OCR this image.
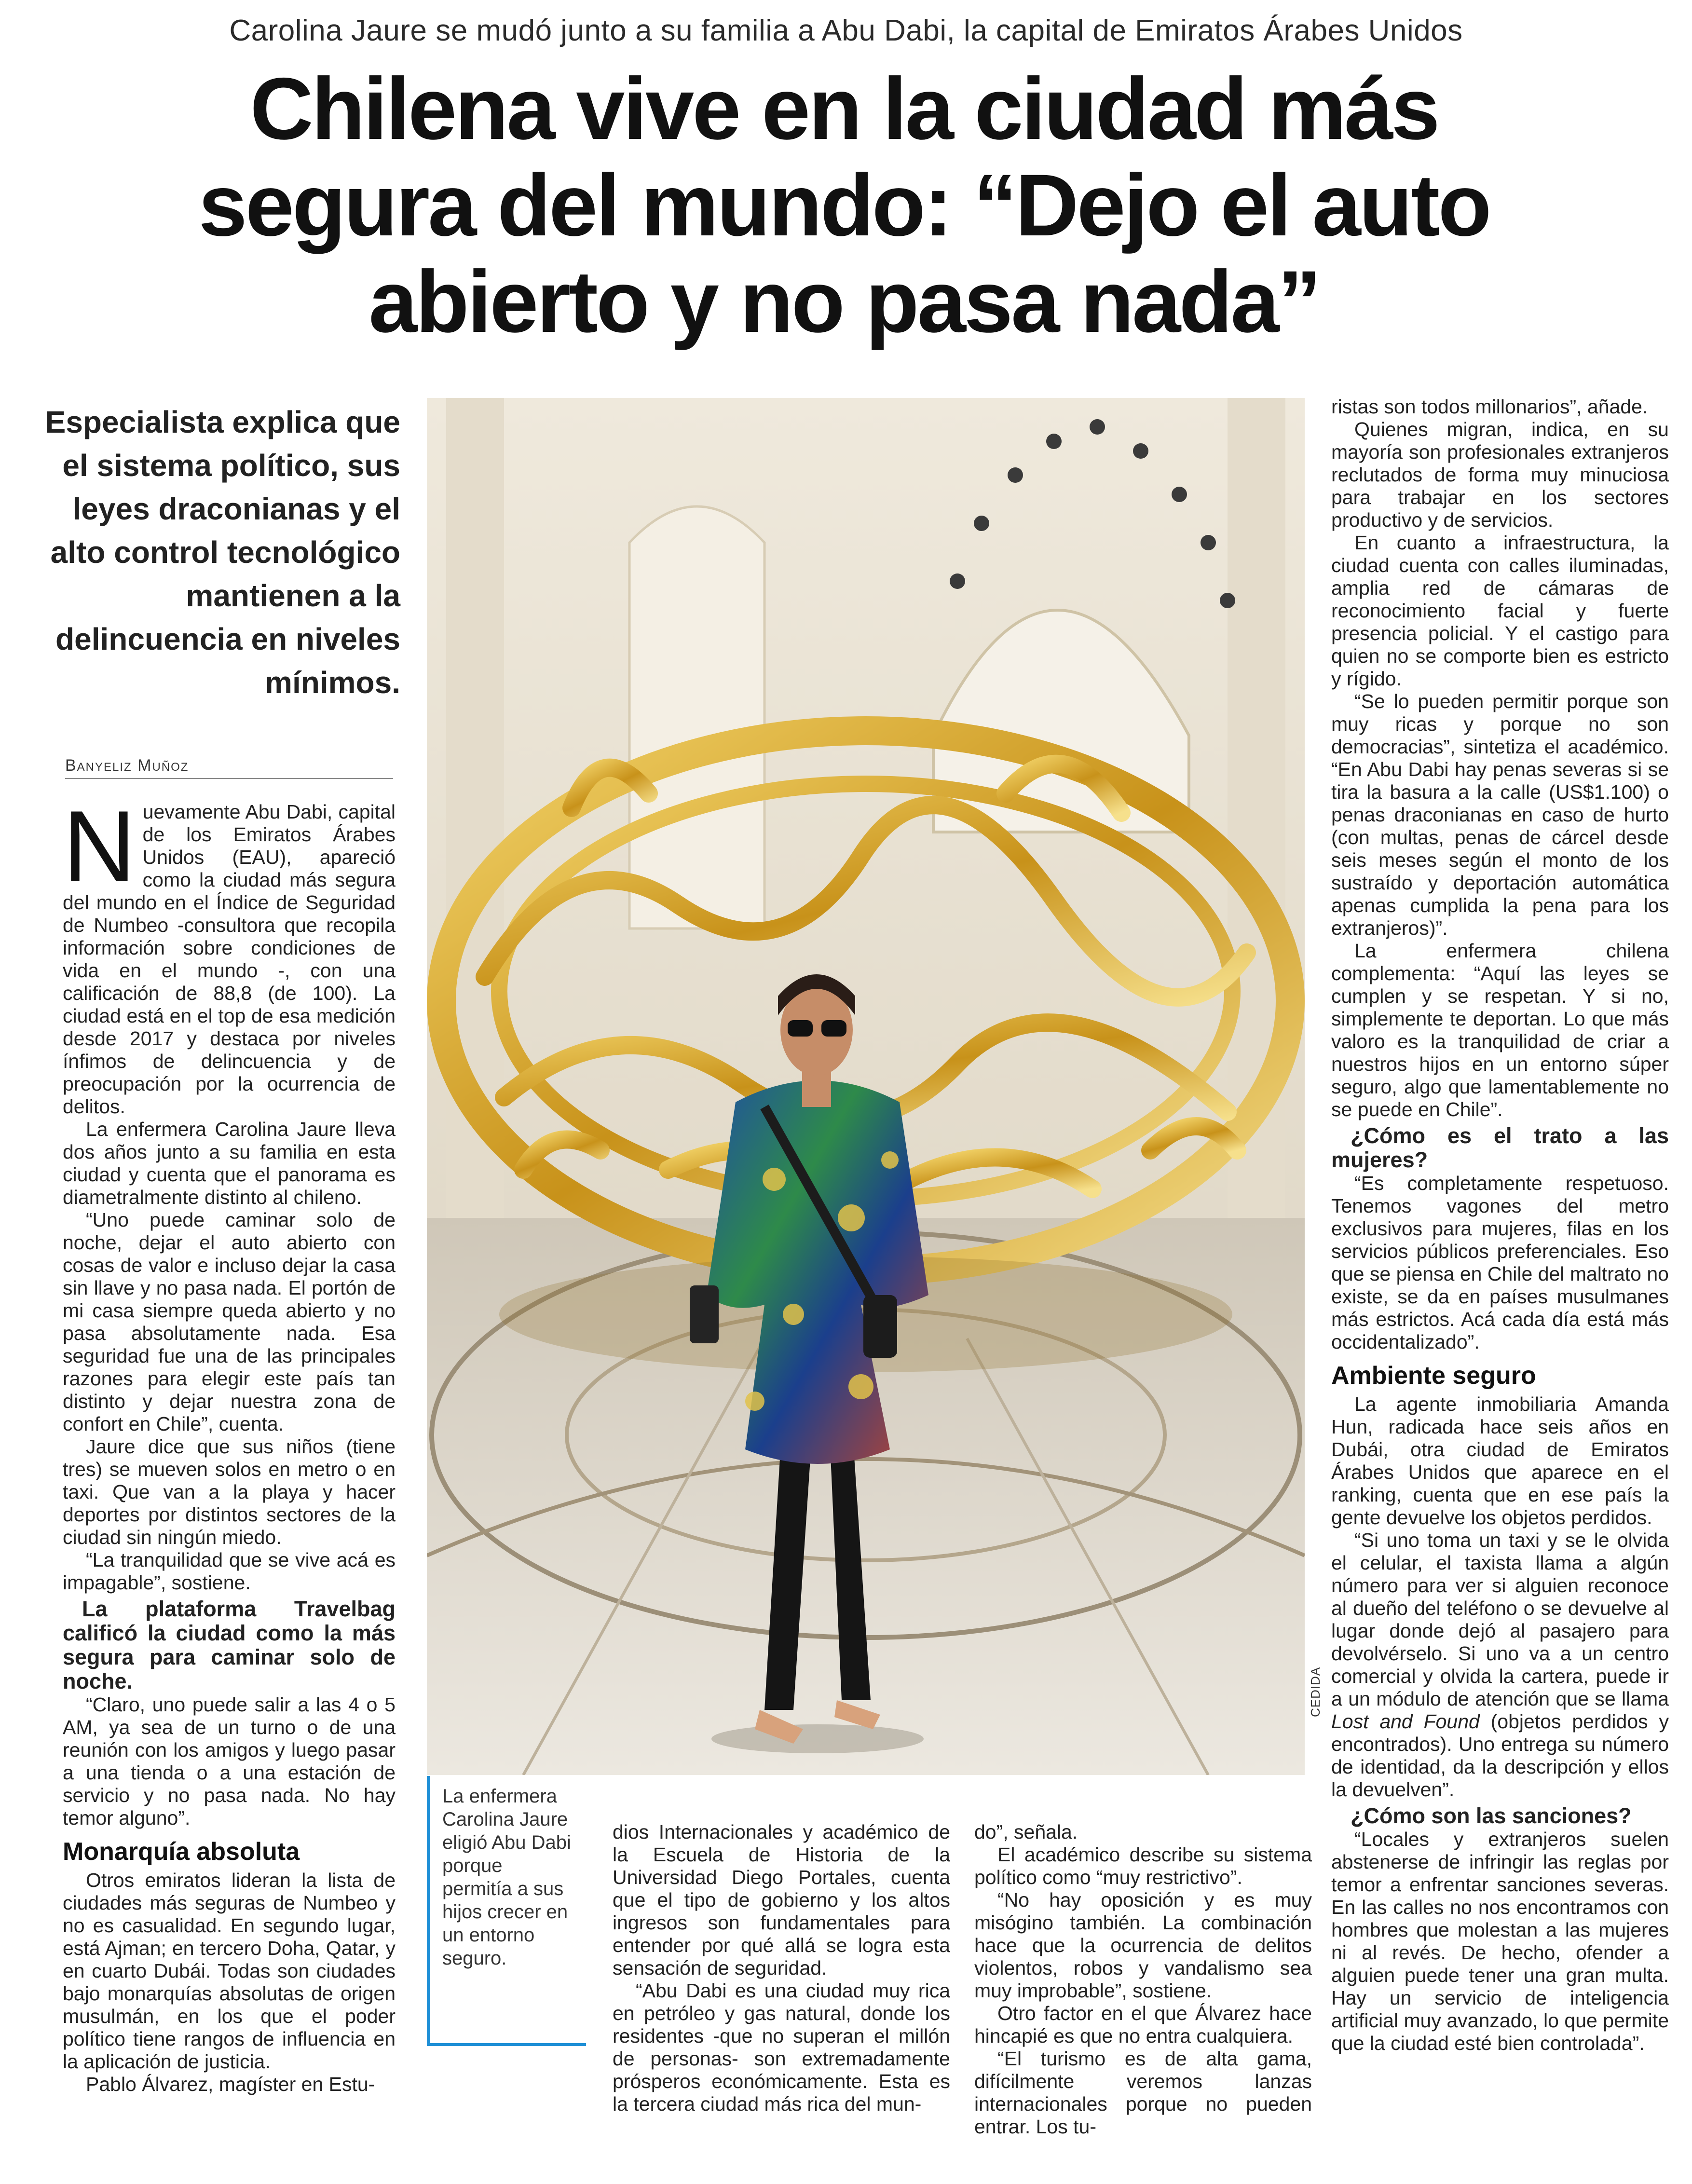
Carolina Jaure se mudó junto a su familia a Abu Dabi, la capital de Emiratos Árabes Unidos
Chilena vive en la ciudad más
segura del mundo: “Dejo el auto
abierto y no pasa nada”
Especialista explica que el sistema político, sus leyes draconianas y el alto control tecnológico mantienen a la delincuencia en niveles mínimos.
Banyeliz Muñoz

Nuevamente Abu Dabi, capital de los Emiratos Árabes Unidos (EAU), apareció como la ciudad más segura del mundo en el Índice de Seguridad de Numbeo -consultora que recopila información sobre condiciones de vida en el mundo -, con una calificación de 88,8 (de 100). La ciudad está en el top de esa medición desde 2017 y destaca por niveles ínfimos de delincuencia y de preocupación por la ocurrencia de delitos.

La enfermera Carolina Jaure lleva dos años junto a su familia en esta ciudad y cuenta que el panorama es diametralmente distinto al chileno.

“Uno puede caminar solo de noche, dejar el auto abierto con cosas de valor e incluso dejar la casa sin llave y no pasa nada. El portón de mi casa siempre queda abierto y no pasa absolutamente nada. Esa seguridad fue una de las principales razones para elegir este país tan distinto y dejar nuestra zona de confort en Chile”, cuenta.

Jaure dice que sus niños (tiene tres) se mueven solos en metro o en taxi. Que van a la playa y hacer deportes por distintos sectores de la ciudad sin ningún miedo.

“La tranquilidad que se vive acá es impagable”, sostiene.

La plataforma Travelbag calificó la ciudad como la más segura para caminar solo de noche.

“Claro, uno puede salir a las 4 o 5 AM, ya sea de un turno o de una reunión con los amigos y luego pasar a una tienda o a una estación de servicio y no pasa nada. No hay temor alguno”.

Monarquía absoluta

Otros emiratos lideran la lista de ciudades más seguras de Numbeo y no es casualidad. En segundo lugar, está Ajman; en tercero Doha, Qatar, y en cuarto Dubái. Todas son ciudades bajo monarquías absolutas de origen musulmán, en los que el poder político tiene rangos de influencia en la aplicación de justicia.

Pablo Álvarez, magíster en Estu-

CEDIDA
La enfermera Carolina Jaure eligió Abu Dabi porque permitía a sus hijos crecer en un entorno seguro.

dios Internacionales y académico de la Escuela de Historia de la Universidad Diego Portales, cuenta que el tipo de gobierno y los altos ingresos son fundamentales para entender por qué allá se logra esta sensación de seguridad.

“Abu Dabi es una ciudad muy rica en petróleo y gas natural, donde los residentes -que no superan el millón de personas- son extremadamente prósperos económicamente. Esta es la tercera ciudad más rica del mun-

do”, señala.

El académico describe su sistema político como “muy restrictivo”.

“No hay oposición y es muy misógino también. La combinación hace que la ocurrencia de delitos violentos, robos y vandalismo sea muy improbable”, sostiene.

Otro factor en el que Álvarez hace hincapié es que no entra cualquiera.

“El turismo es de alta gama, difícilmente veremos lanzas internacionales porque no pueden entrar. Los tu-

ristas son todos millonarios”, añade.

Quienes migran, indica, en su mayoría son profesionales extranjeros reclutados de forma muy minuciosa para trabajar en los sectores productivo y de servicios.

En cuanto a infraestructura, la ciudad cuenta con calles iluminadas, amplia red de cámaras de reconocimiento facial y fuerte presencia policial. Y el castigo para quien no se comporte bien es estricto y rígido.

“Se lo pueden permitir porque son muy ricas y porque no son democracias”, sintetiza el académico. “En Abu Dabi hay penas severas si se tira la basura a la calle (US$1.100) o penas draconianas en caso de hurto (con multas, penas de cárcel desde seis meses según el monto de los sustraído y deportación automática apenas cumplida la pena para los extranjeros)”.

La enfermera chilena complementa: “Aquí las leyes se cumplen y se respetan. Y si no, simplemente te deportan. Lo que más valoro es la tranquilidad de criar a nuestros hijos en un entorno súper seguro, algo que lamentablemente no se puede en Chile”.

¿Cómo es el trato a las mujeres?

“Es completamente respetuoso. Tenemos vagones del metro exclusivos para mujeres, filas en los servicios públicos preferenciales. Eso que se piensa en Chile del maltrato no existe, se da en países musulmanes más estrictos. Acá cada día está más occidentalizado”.

Ambiente seguro

La agente inmobiliaria Amanda Hun, radicada hace seis años en Dubái, otra ciudad de Emiratos Árabes Unidos que aparece en el ranking, cuenta que en ese país la gente devuelve los objetos perdidos.

“Si uno toma un taxi y se le olvida el celular, el taxista llama a algún número para ver si alguien reconoce al dueño del teléfono o se devuelve al lugar donde dejó al pasajero para devolvérselo. Si uno va a un centro comercial y olvida la cartera, puede ir a un módulo de atención que se llama Lost and Found (objetos perdidos y encontrados). Uno entrega su número de identidad, da la descripción y ellos la devuelven”.

¿Cómo son las sanciones?

“Locales y extranjeros suelen abstenerse de infringir las reglas por temor a enfrentar sanciones severas. En las calles no nos encontramos con hombres que molestan a las mujeres ni al revés. De hecho, ofender a alguien puede tener una gran multa. Hay un servicio de inteligencia artificial muy avanzado, lo que permite que la ciudad esté bien controlada”.
